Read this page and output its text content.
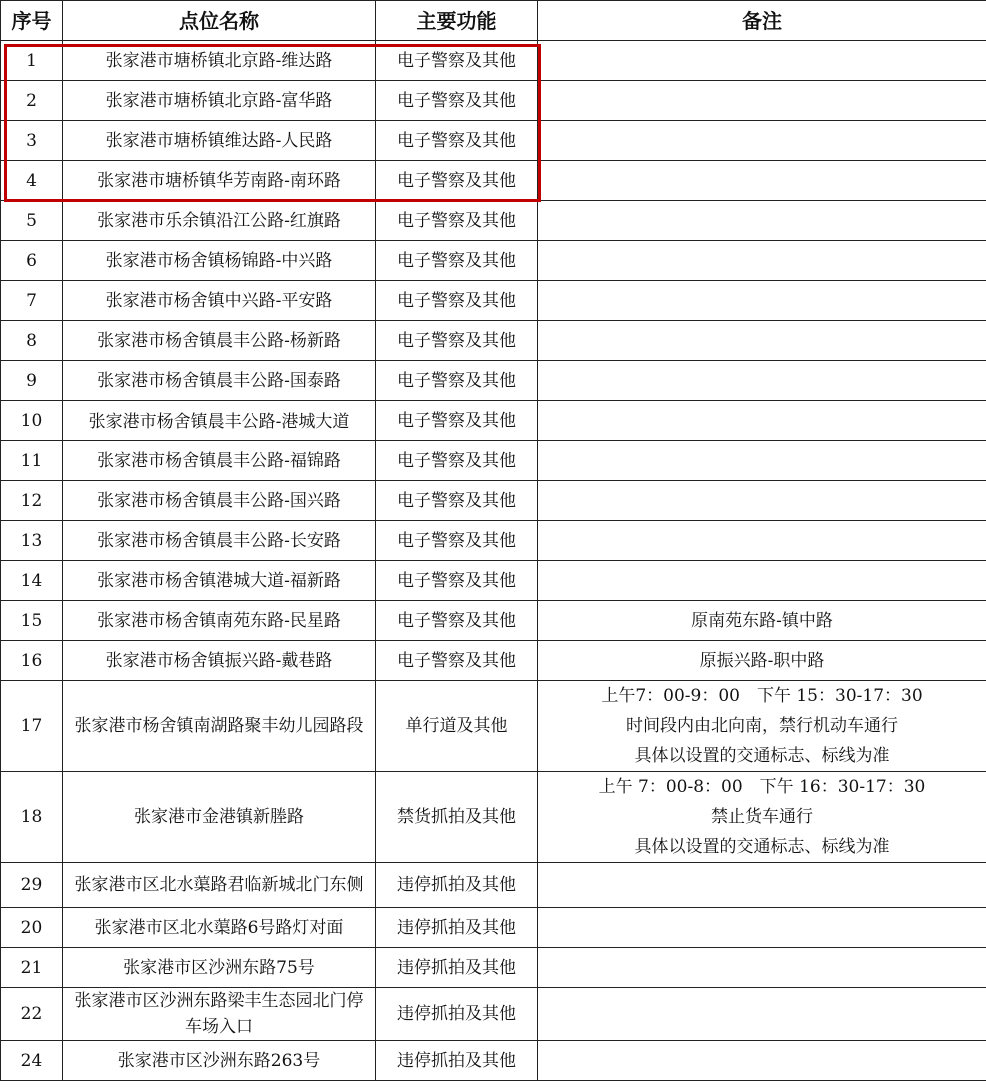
序号	点位名称	主要功能	备注
1	张家港市塘桥镇北京路-维达路	电子警察及其他	
2	张家港市塘桥镇北京路-富华路	电子警察及其他	
3	张家港市塘桥镇维达路-人民路	电子警察及其他	
4	张家港市塘桥镇华芳南路-南环路	电子警察及其他	
5	张家港市乐余镇沿江公路-红旗路	电子警察及其他	
6	张家港市杨舍镇杨锦路-中兴路	电子警察及其他	
7	张家港市杨舍镇中兴路-平安路	电子警察及其他	
8	张家港市杨舍镇晨丰公路-杨新路	电子警察及其他	
9	张家港市杨舍镇晨丰公路-国泰路	电子警察及其他	
10	张家港市杨舍镇晨丰公路-港城大道	电子警察及其他	
11	张家港市杨舍镇晨丰公路-福锦路	电子警察及其他	
12	张家港市杨舍镇晨丰公路-国兴路	电子警察及其他	
13	张家港市杨舍镇晨丰公路-长安路	电子警察及其他	
14	张家港市杨舍镇港城大道-福新路	电子警察及其他	
15	张家港市杨舍镇南苑东路-民星路	电子警察及其他	原南苑东路-镇中路

16	张家港市杨舍镇振兴路-戴巷路	电子警察及其他	原振兴路-职中路

17	张家港市杨舍镇南湖路聚丰幼儿园路段	单行道及其他	上午7：00-9：00　下午 15：30-17：30
时间段内由北向南，禁行机动车通行
具体以设置的交通标志、标线为准

18	张家港市金港镇新塍路	禁货抓拍及其他	上午 7：00-8：00　下午 16：30-17：30
禁止货车通行
具体以设置的交通标志、标线为准

29	张家港市区北水蕖路君临新城北门东侧	违停抓拍及其他	
20	张家港市区北水蕖路6号路灯对面	违停抓拍及其他	
21	张家港市区沙洲东路75号	违停抓拍及其他	
22	张家港市区沙洲东路梁丰生态园北门停车场入口	违停抓拍及其他	
24	张家港市区沙洲东路263号	违停抓拍及其他	
